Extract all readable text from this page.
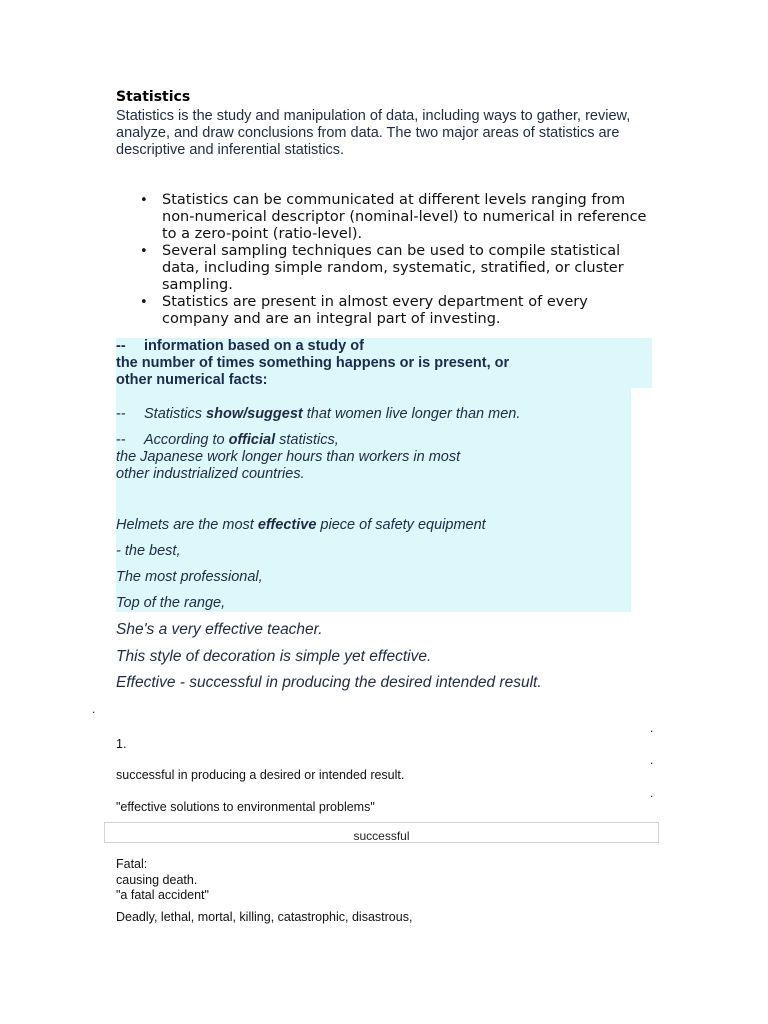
Statistics
Statistics is the study and manipulation of data, including ways to gather, review, analyze, and draw conclusions from data. The two major areas of statistics are descriptive and inferential statistics.
• Statistics can be communicated at different levels ranging from non-numerical descriptor (nominal-level) to numerical in reference to a zero-point (ratio-level).
• Several sampling techniques can be used to compile statistical data, including simple random, systematic, stratified, or cluster sampling.
• Statistics are present in almost every department of every company and are an integral part of investing.
-- information based on a study of
the number of times something happens or is present, or
other numerical facts:
-- Statistics show/suggest that women live longer than men.
-- According to official statistics,
the Japanese work longer hours than workers in most
other industrialized countries.
Helmets are the most effective piece of safety equipment
- the best,
The most professional,
Top of the range,
She's a very effective teacher.
This style of decoration is simple yet effective.
Effective - successful in producing the desired intended result.
.
.
.
.
1.
successful in producing a desired or intended result.
"effective solutions to environmental problems"
successful
Fatal:
causing death.
"a fatal accident"
Deadly, lethal, mortal, killing, catastrophic, disastrous,
